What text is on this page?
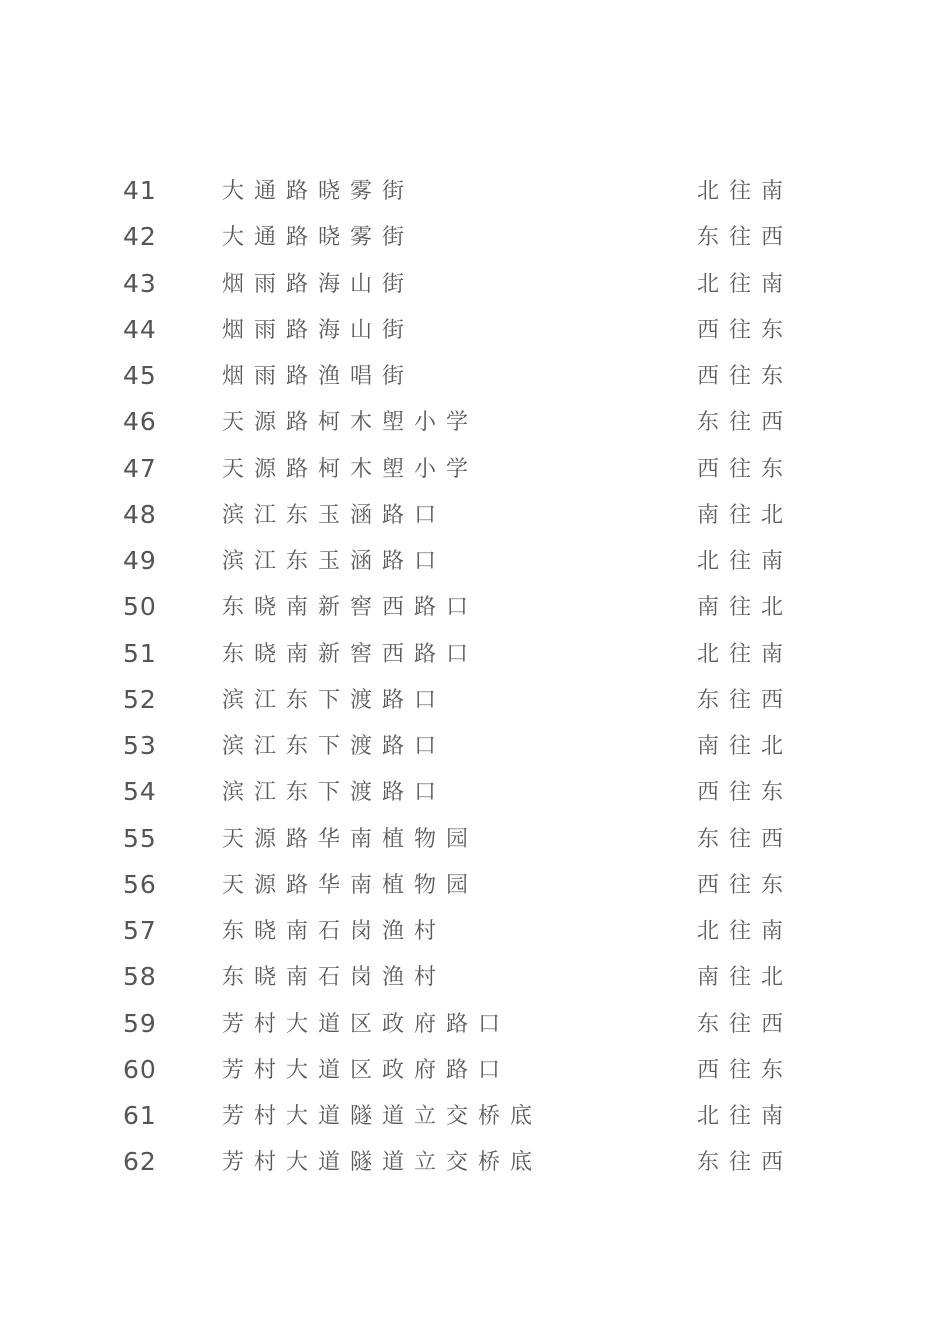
41	大通路晓雾街	北往南
42	大通路晓雾街	东往西
43	烟雨路海山街	北往南
44	烟雨路海山街	西往东
45	烟雨路渔唱街	西往东
46	天源路柯木塱小学	东往西
47	天源路柯木塱小学	西往东
48	滨江东玉涵路口	南往北
49	滨江东玉涵路口	北往南
50	东晓南新窖西路口	南往北
51	东晓南新窖西路口	北往南
52	滨江东下渡路口	东往西
53	滨江东下渡路口	南往北
54	滨江东下渡路口	西往东
55	天源路华南植物园	东往西
56	天源路华南植物园	西往东
57	东晓南石岗渔村	北往南
58	东晓南石岗渔村	南往北
59	芳村大道区政府路口	东往西
60	芳村大道区政府路口	西往东
61	芳村大道隧道立交桥底	北往南
62	芳村大道隧道立交桥底	东往西
